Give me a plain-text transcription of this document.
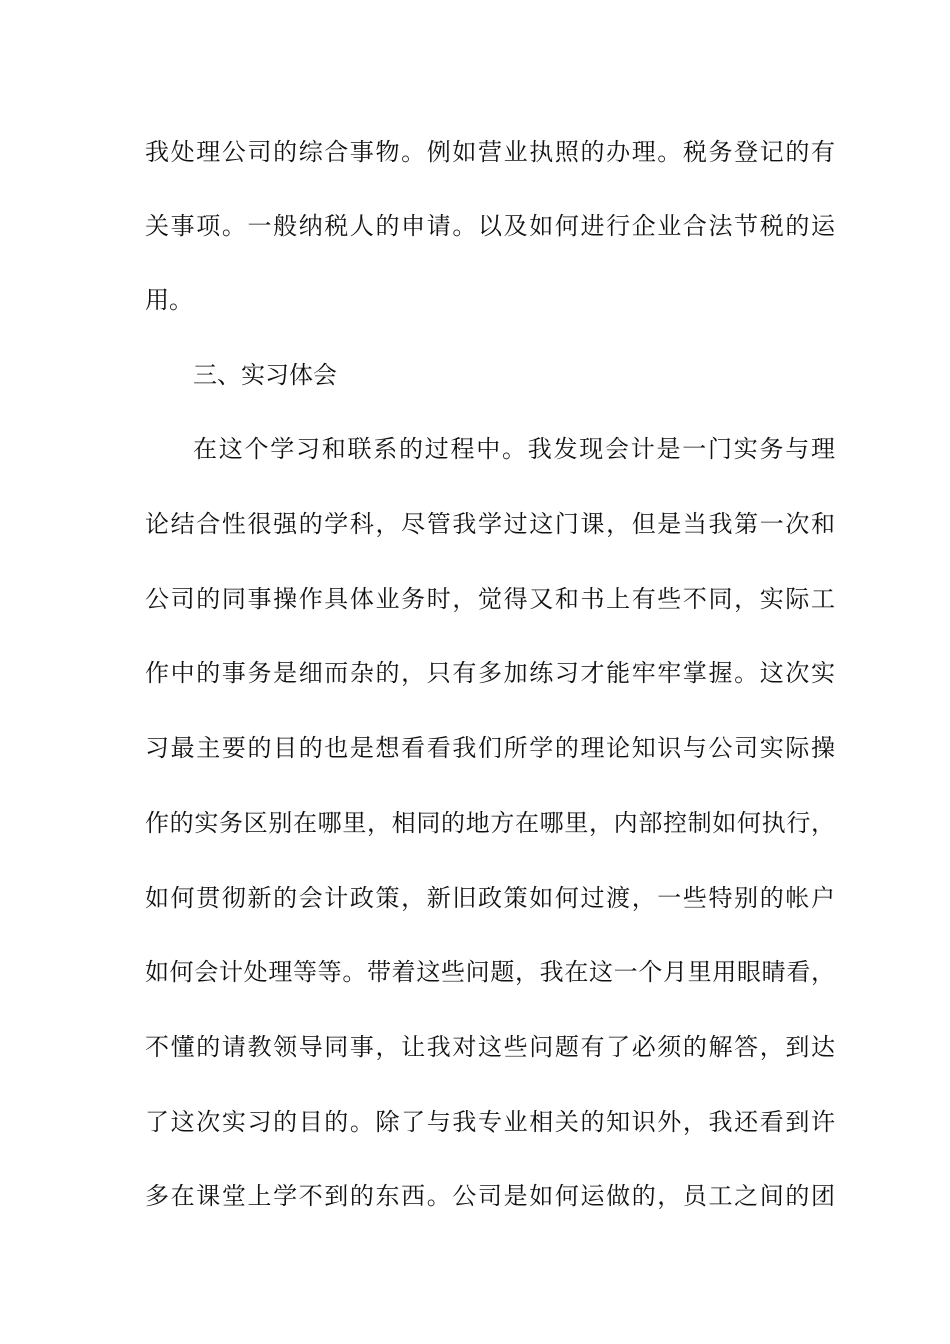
我处理公司的综合事物。例如营业执照的办理。税务登记的有
关事项。一般纳税人的申请。以及如何进行企业合法节税的运
用。
三、实习体会
在这个学习和联系的过程中。我发现会计是一门实务与理
论结合性很强的学科，尽管我学过这门课，但是当我第一次和
公司的同事操作具体业务时，觉得又和书上有些不同，实际工
作中的事务是细而杂的，只有多加练习才能牢牢掌握。这次实
习最主要的目的也是想看看我们所学的理论知识与公司实际操
作的实务区别在哪里，相同的地方在哪里，内部控制如何执行，
如何贯彻新的会计政策，新旧政策如何过渡，一些特别的帐户
如何会计处理等等。带着这些问题，我在这一个月里用眼睛看，
不懂的请教领导同事，让我对这些问题有了必须的解答，到达
了这次实习的目的。除了与我专业相关的知识外，我还看到许
多在课堂上学不到的东西。公司是如何运做的，员工之间的团
